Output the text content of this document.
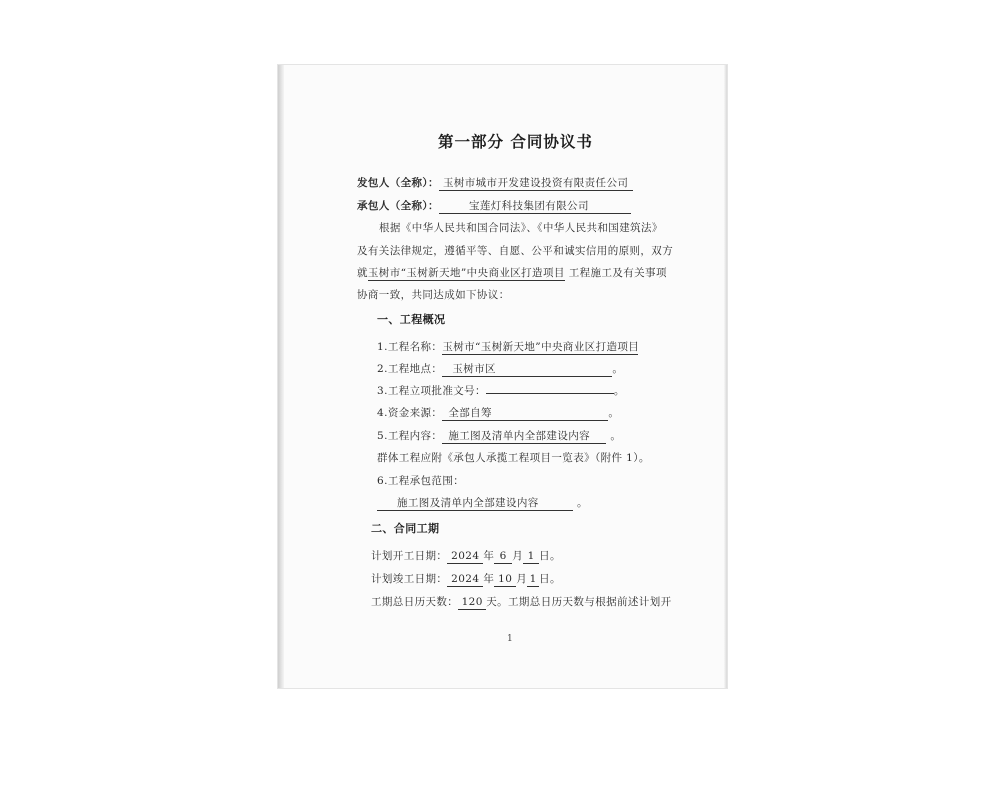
第一部分 合同协议书
发包人（全称）： 玉树市城市开发建设投资有限责任公司
承包人（全称）：	宝莲灯科技集团有限公司
根据《中华人民共和国合同法》、《中华人民共和国建筑法》
及有关法律规定，遵循平等、自愿、公平和诚实信用的原则，双方
就玉树市“玉树新天地”中央商业区打造项目 工程施工及有关事项
协商一致，共同达成如下协议：
一、工程概况
1.工程名称：玉树市“玉树新天地”中央商业区打造项目
2.工程地点： 玉树市区	。
3.工程立项批准文号：	。
4.资金来源： 全部自筹	。
5.工程内容： 施工图及清单内全部建设内容 。
群体工程应附《承包人承揽工程项目一览表》（附件 1）。
6.工程承包范围：
施工图及清单内全部建设内容	。
二、合同工期
计划开工日期： 2024 年 6 月 1 日。
计划竣工日期： 2024 年 10 月 1 日。
工期总日历天数： 120 天。工期总日历天数与根据前述计划开
1
